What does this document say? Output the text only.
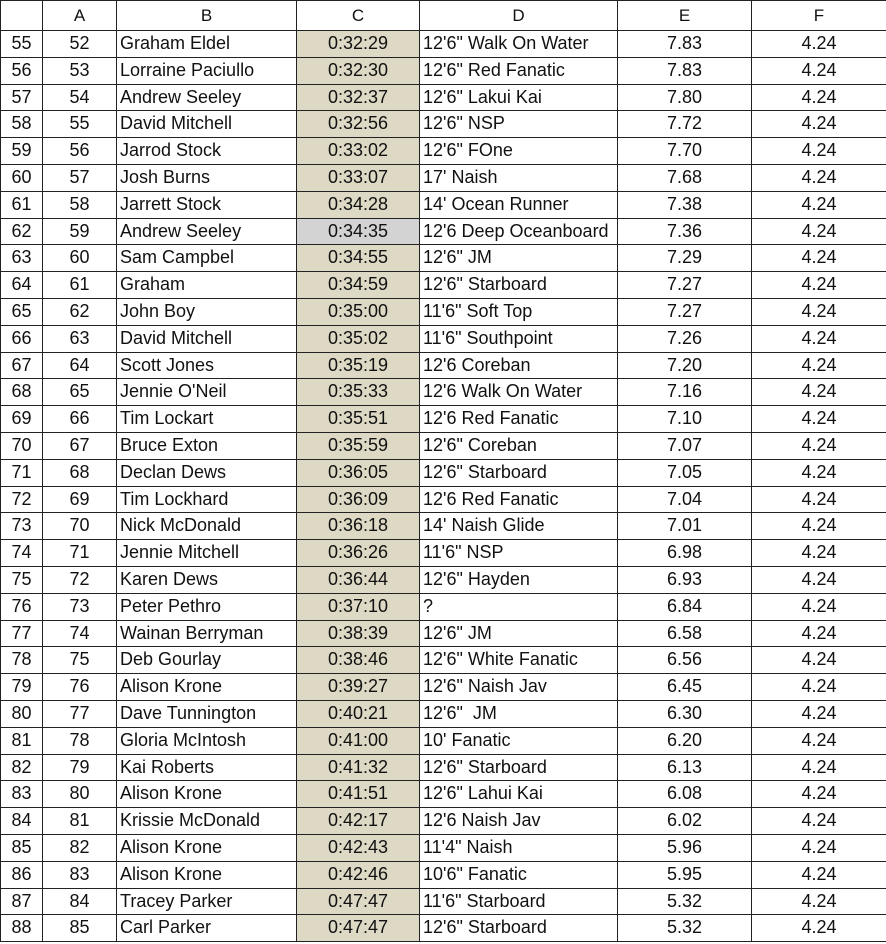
	A	B	C	D	E	F
55	52	Graham Eldel	0:32:29	12'6" Walk On Water	7.83	4.24
56	53	Lorraine Paciullo	0:32:30	12'6" Red Fanatic	7.83	4.24
57	54	Andrew Seeley	0:32:37	12'6" Lakui Kai	7.80	4.24
58	55	David Mitchell	0:32:56	12'6" NSP	7.72	4.24
59	56	Jarrod Stock	0:33:02	12'6" FOne	7.70	4.24
60	57	Josh Burns	0:33:07	17' Naish	7.68	4.24
61	58	Jarrett Stock	0:34:28	14' Ocean Runner	7.38	4.24
62	59	Andrew Seeley	0:34:35	12'6 Deep Oceanboard	7.36	4.24
63	60	Sam Campbel	0:34:55	12'6" JM	7.29	4.24
64	61	Graham	0:34:59	12'6" Starboard	7.27	4.24
65	62	John Boy	0:35:00	11'6" Soft Top	7.27	4.24
66	63	David Mitchell	0:35:02	11'6" Southpoint	7.26	4.24
67	64	Scott Jones	0:35:19	12'6 Coreban	7.20	4.24
68	65	Jennie O'Neil	0:35:33	12'6 Walk On Water	7.16	4.24
69	66	Tim Lockart	0:35:51	12'6 Red Fanatic	7.10	4.24
70	67	Bruce Exton	0:35:59	12'6" Coreban	7.07	4.24
71	68	Declan Dews	0:36:05	12'6" Starboard	7.05	4.24
72	69	Tim Lockhard	0:36:09	12'6 Red Fanatic	7.04	4.24
73	70	Nick McDonald	0:36:18	14' Naish Glide	7.01	4.24
74	71	Jennie Mitchell	0:36:26	11'6" NSP	6.98	4.24
75	72	Karen Dews	0:36:44	12'6" Hayden	6.93	4.24
76	73	Peter Pethro	0:37:10	?	6.84	4.24
77	74	Wainan Berryman	0:38:39	12'6" JM	6.58	4.24
78	75	Deb Gourlay	0:38:46	12'6" White Fanatic	6.56	4.24
79	76	Alison Krone	0:39:27	12'6" Naish Jav	6.45	4.24
80	77	Dave Tunnington	0:40:21	12'6"  JM	6.30	4.24
81	78	Gloria McIntosh	0:41:00	10' Fanatic	6.20	4.24
82	79	Kai Roberts	0:41:32	12'6" Starboard	6.13	4.24
83	80	Alison Krone	0:41:51	12'6" Lahui Kai	6.08	4.24
84	81	Krissie McDonald	0:42:17	12'6 Naish Jav	6.02	4.24
85	82	Alison Krone	0:42:43	11'4" Naish	5.96	4.24
86	83	Alison Krone	0:42:46	10'6" Fanatic	5.95	4.24
87	84	Tracey Parker	0:47:47	11'6" Starboard	5.32	4.24
88	85	Carl Parker	0:47:47	12'6" Starboard	5.32	4.24
